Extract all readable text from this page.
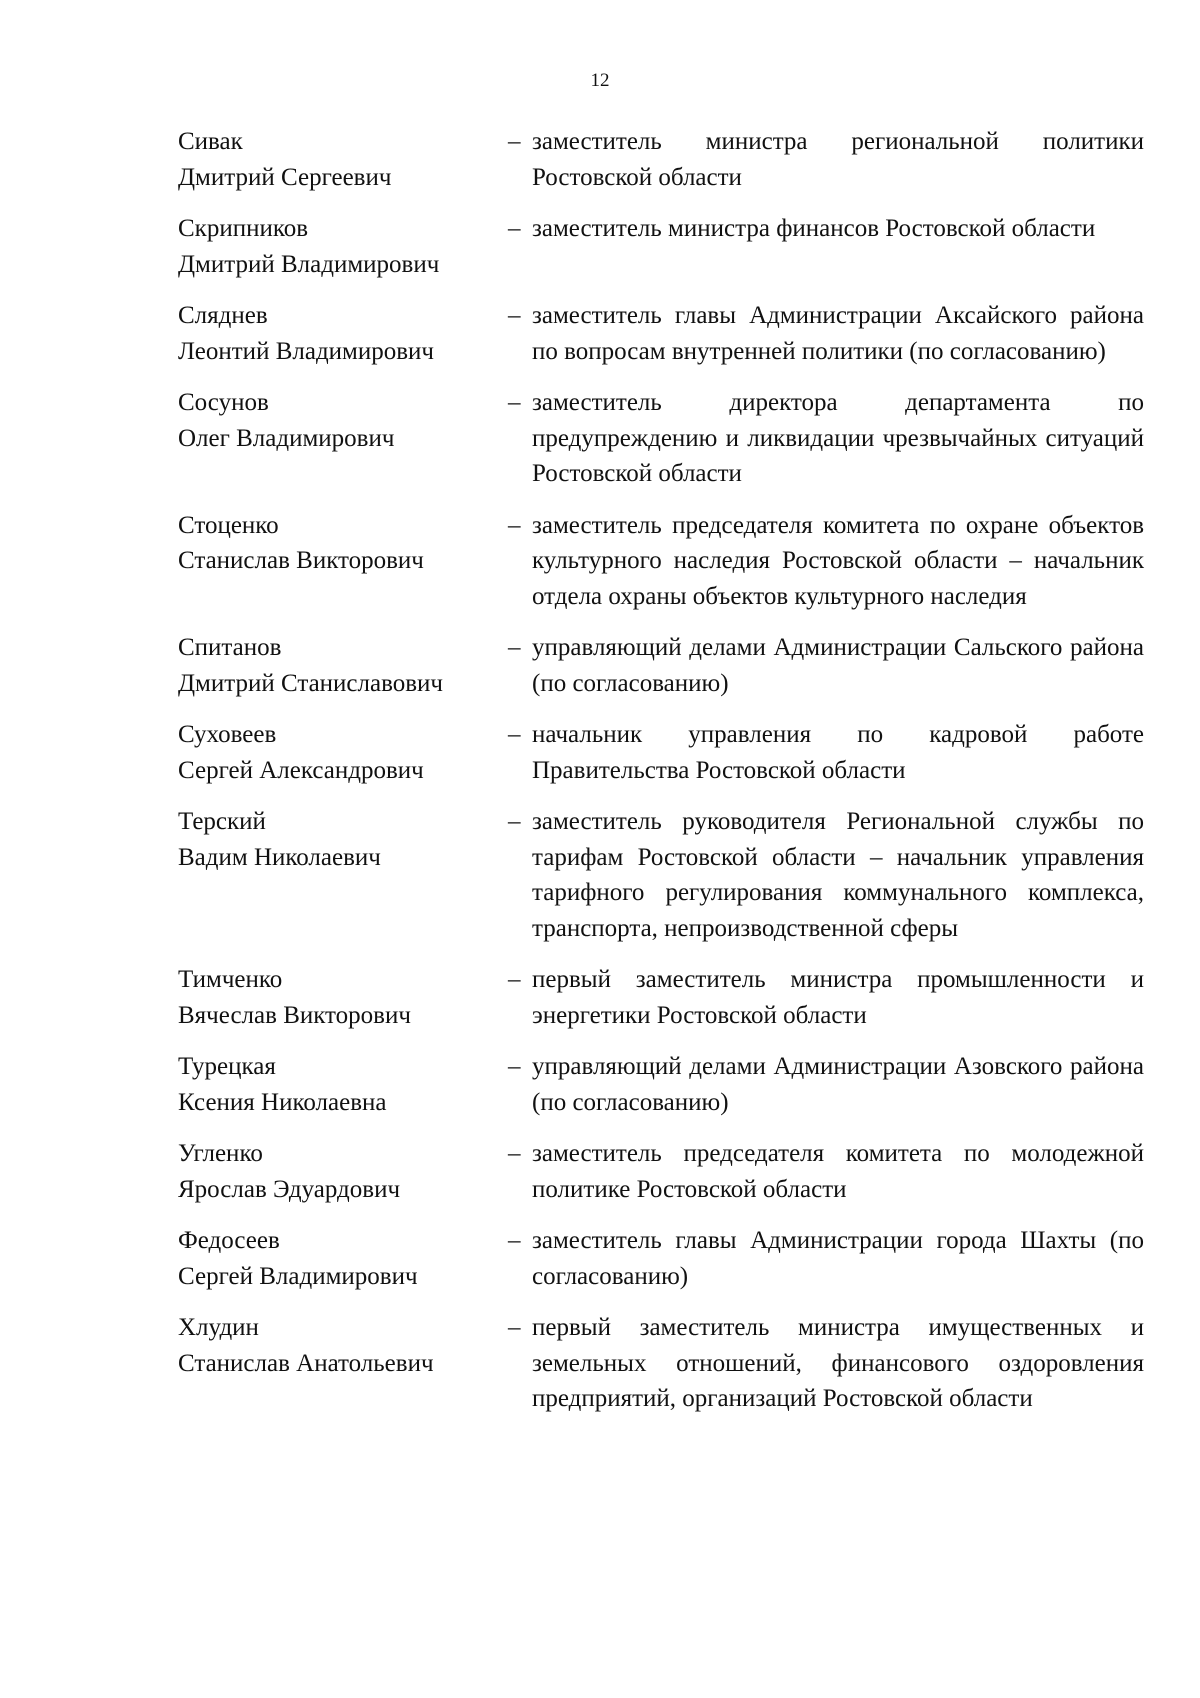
12
Сивак
Дмитрий Сергеевич
– заместитель министра региональной политики Ростовской области
Скрипников
Дмитрий Владимирович
– заместитель министра финансов Ростовской области
Сляднев
Леонтий Владимирович
– заместитель главы Администрации Аксайского района по вопросам внутренней политики (по согласованию)
Сосунов
Олег Владимирович
– заместитель директора департамента по предупреждению и ликвидации чрезвычайных ситуаций Ростовской области
Стоценко
Станислав Викторович
– заместитель председателя комитета по охране объектов культурного наследия Ростовской области – начальник отдела охраны объектов культурного наследия
Спитанов
Дмитрий Станиславович
– управляющий делами Администрации Сальского района (по согласованию)
Суховеев
Сергей Александрович
– начальник управления по кадровой работе Правительства Ростовской области
Терский
Вадим Николаевич
– заместитель руководителя Региональной службы по тарифам Ростовской области – начальник управления тарифного регулирования коммунального комплекса, транспорта, непроизводственной сферы
Тимченко
Вячеслав Викторович
– первый заместитель министра промышленности и энергетики Ростовской области
Турецкая
Ксения Николаевна
– управляющий делами Администрации Азовского района (по согласованию)
Угленко
Ярослав Эдуардович
– заместитель председателя комитета по молодежной политике Ростовской области
Федосеев
Сергей Владимирович
– заместитель главы Администрации города Шахты (по согласованию)
Хлудин
Станислав Анатольевич
– первый заместитель министра имущественных и земельных отношений, финансового оздоровления предприятий, организаций Ростовской области
